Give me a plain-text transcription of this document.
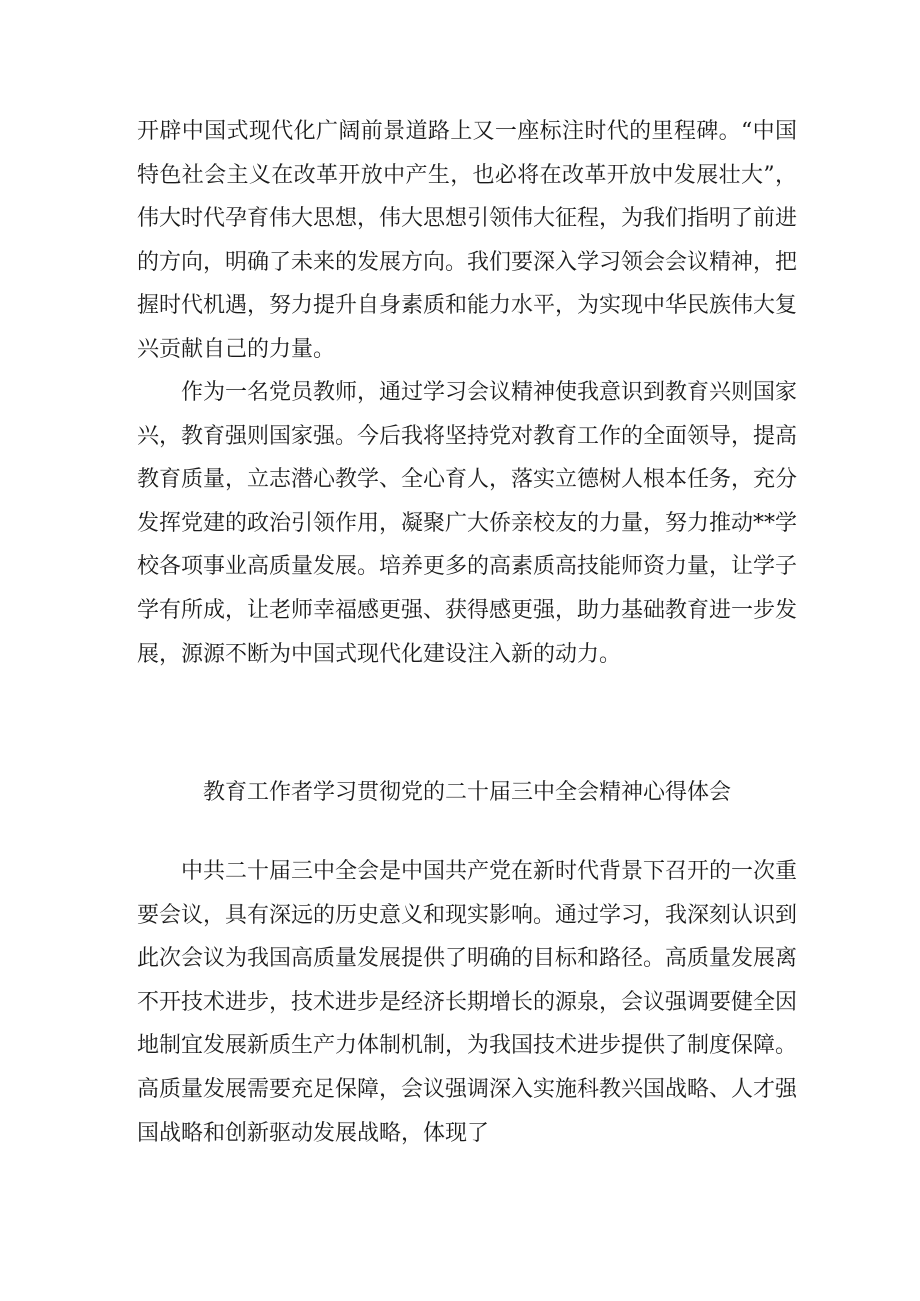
开辟中国式现代化广阔前景道路上又一座标注时代的里程碑。“中国特色社会主义在改革开放中产生，也必将在改革开放中发展壮大”，伟大时代孕育伟大思想，伟大思想引领伟大征程，为我们指明了前进的方向，明确了未来的发展方向。我们要深入学习领会会议精神，把握时代机遇，努力提升自身素质和能力水平，为实现中华民族伟大复兴贡献自己的力量。

作为一名党员教师，通过学习会议精神使我意识到教育兴则国家兴，教育强则国家强。今后我将坚持党对教育工作的全面领导，提高教育质量，立志潜心教学、全心育人，落实立德树人根本任务，充分发挥党建的政治引领作用，凝聚广大侨亲校友的力量，努力推动**学校各项事业高质量发展。培养更多的高素质高技能师资力量，让学子学有所成，让老师幸福感更强、获得感更强，助力基础教育进一步发展，源源不断为中国式现代化建设注入新的动力。

教育工作者学习贯彻党的二十届三中全会精神心得体会

中共二十届三中全会是中国共产党在新时代背景下召开的一次重要会议，具有深远的历史意义和现实影响。通过学习，我深刻认识到此次会议为我国高质量发展提供了明确的目标和路径。高质量发展离不开技术进步，技术进步是经济长期增长的源泉，会议强调要健全因地制宜发展新质生产力体制机制，为我国技术进步提供了制度保障。高质量发展需要充足保障，会议强调深入实施科教兴国战略、人才强国战略和创新驱动发展战略，体现了
